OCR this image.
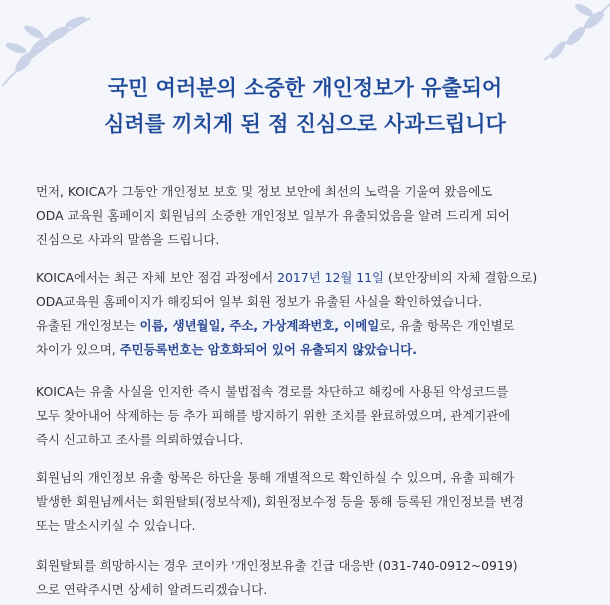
국민 여러분의 소중한 개인정보가 유출되어
심려를 끼치게 된 점 진심으로 사과드립니다
먼저, KOICA가 그동안 개인정보 보호 및 정보 보안에 최선의 노력을 기울여 왔음에도
ODA 교육원 홈페이지 회원님의 소중한 개인정보 일부가 유출되었음을 알려 드리게 되어
진심으로 사과의 말씀을 드립니다.
KOICA에서는 최근 자체 보안 점검 과정에서 2017년 12월 11일 (보안장비의 자체 결함으로)
ODA교육원 홈페이지가 해킹되어 일부 회원 정보가 유출된 사실을 확인하였습니다.
유출된 개인정보는 이름, 생년월일, 주소, 가상계좌번호, 이메일로, 유출 항목은 개인별로
차이가 있으며, 주민등록번호는 암호화되어 있어 유출되지 않았습니다.
KOICA는 유출 사실을 인지한 즉시 불법접속 경로를 차단하고 해킹에 사용된 악성코드를
모두 찾아내어 삭제하는 등 추가 피해를 방지하기 위한 조치를 완료하였으며, 관계기관에
즉시 신고하고 조사를 의뢰하였습니다.
회원님의 개인정보 유출 항목은 하단을 통해 개별적으로 확인하실 수 있으며, 유출 피해가
발생한 회원님께서는 회원탈퇴(정보삭제), 회원정보수정 등을 통해 등록된 개인정보를 변경
또는 말소시키실 수 있습니다.
회원탈퇴를 희망하시는 경우 코이카 '개인정보유출 긴급 대응반 (031-740-0912~0919)
으로 연락주시면 상세히 알려드리겠습니다.
